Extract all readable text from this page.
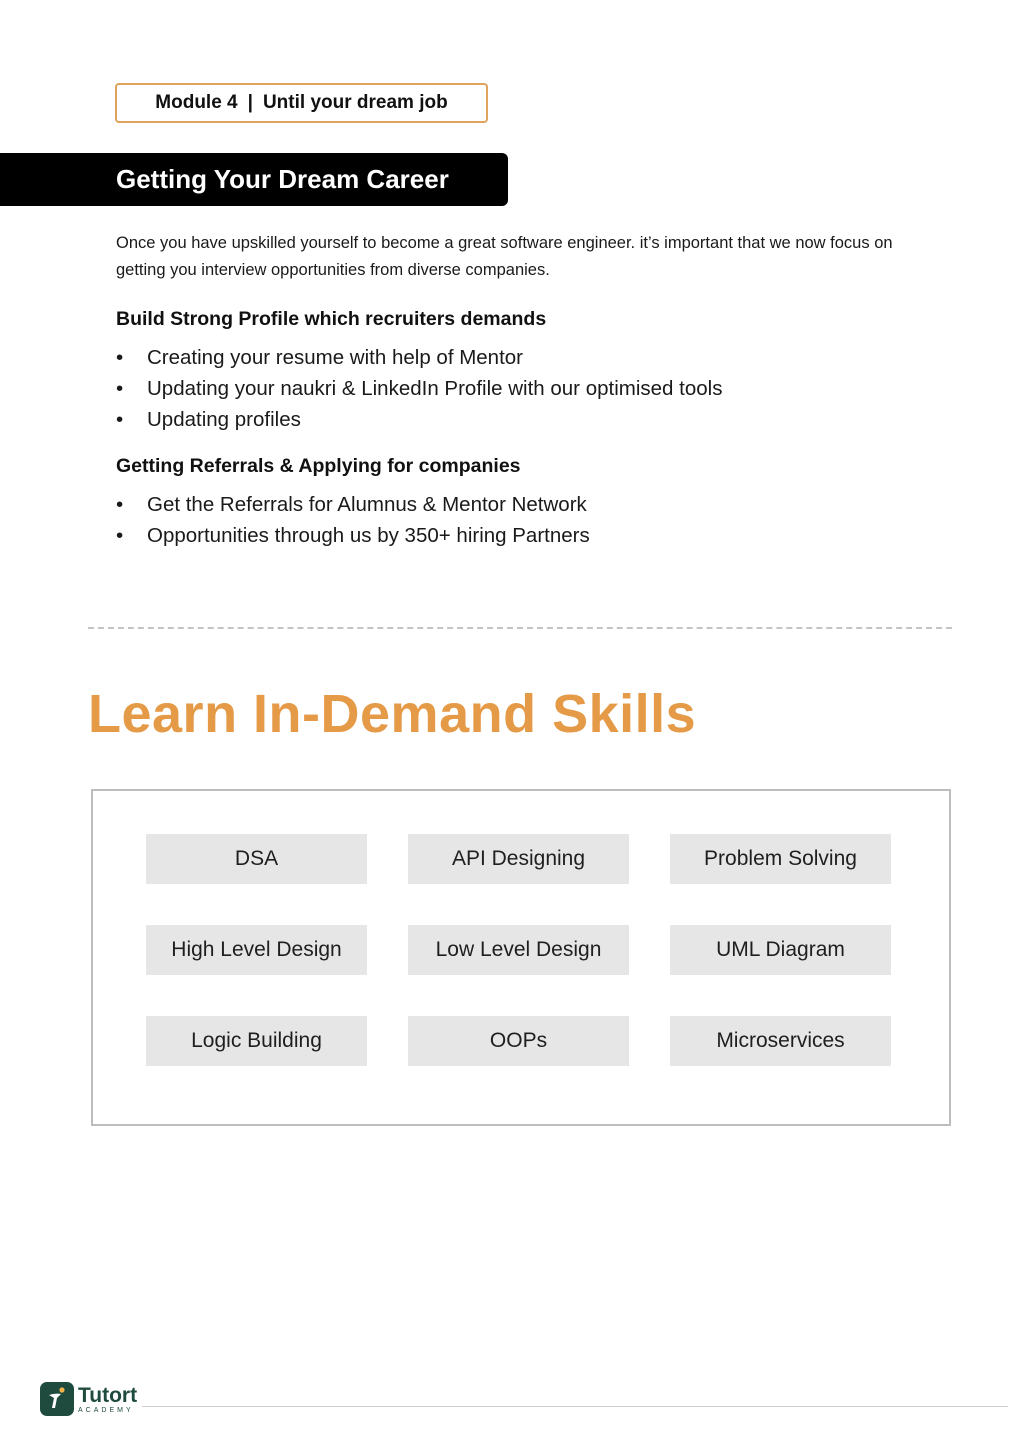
Module 4 | Until your dream job
Getting Your Dream Career

Once you have upskilled yourself to become a great software engineer. it’s important that we now focus on getting you interview opportunities from diverse companies.

Build Strong Profile which recruiters demands
•	Creating your resume with help of Mentor
•	Updating your naukri & LinkedIn Profile with our optimised tools
•	Updating profiles
Getting Referrals & Applying for companies
•	Get the Referrals for Alumnus & Mentor Network
•	Opportunities through us by 350+ hiring Partners
Learn In-Demand Skills
DSA	API Designing	Problem Solving
High Level Design	Low Level Design	UML Diagram
Logic Building	OOPs	Microservices
Tutort
ACADEMY
